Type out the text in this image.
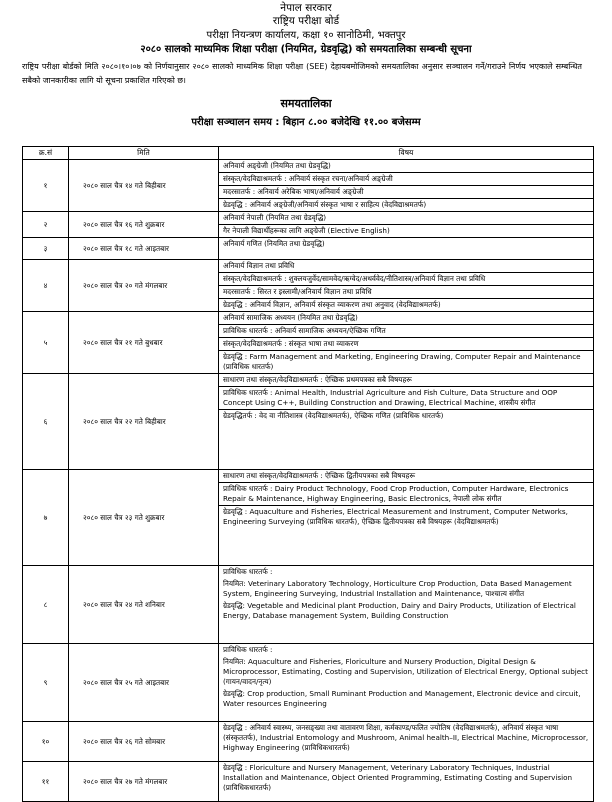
नेपाल सरकार
राष्ट्रिय परीक्षा बोर्ड
परीक्षा नियन्त्रण कार्यालय, कक्षा १० सानोठिमी, भक्तपुर
२०८० सालको माध्यमिक शिक्षा परीक्षा (नियमित, ग्रेडवृद्धि) को समयतालिका सम्बन्धी सूचना
राष्ट्रिय परीक्षा बोर्डको मिति २०८०।१०।०७ को निर्णयानुसार २०८० सालको माध्यमिक शिक्षा परीक्षा (SEE) देहायबमोजिमको समयतालिका अनुसार सञ्चालन गर्ने/गराउने निर्णय भएकाले सम्बन्धित सबैको जानकारीका लागि यो सूचना प्रकाशित गरिएको छ।
समयतालिका
परीक्षा सञ्चालन समय : बिहान ८.०० बजेदेखि ११.०० बजेसम्म
क्र.सं	मिति	विषय
१	२०८० साल चैत्र १४ गते बिहीबार	अनिवार्य अङ्ग्रेजी (नियमित तथा ग्रेडवृद्धि)
संस्कृत/वेदविद्याश्रमतर्फ : अनिवार्य संस्कृत रचना/अनिवार्य अङ्ग्रेजी
मदरसातर्फ : अनिवार्य अरेबिक भाषा/अनिवार्य अङ्ग्रेजी
ग्रेडवृद्धि : अनिवार्य अङ्ग्रेजी/अनिवार्य संस्कृत भाषा र साहित्य (वेदविद्याश्रमतर्फ)

२	२०८० साल चैत्र १६ गते शुक्रबार	अनिवार्य नेपाली (नियमित तथा ग्रेडवृद्धि)
गैर नेपाली विद्यार्थीहरूका लागि अङ्ग्रेजी (Elective English)

३	२०८० साल चैत्र १८ गते आइतबार	अनिवार्य गणित (नियमित तथा ग्रेडवृद्धि)

४	२०८० साल चैत्र २० गते मंगलबार	अनिवार्य विज्ञान तथा प्रविधि
संस्कृत/वेदविद्याश्रमतर्फ : शुक्लयजुर्वेद/सामवेद/ऋग्वेद/अथर्ववेद/नीतिशास्त्र/अनिवार्य विज्ञान तथा प्रविधि
मदरसातर्फ : सिरत र इस्लामी/अनिवार्य विज्ञान तथा प्रविधि
ग्रेडवृद्धि : अनिवार्य विज्ञान, अनिवार्य संस्कृत व्याकरण तथा अनुवाद (वेदविद्याश्रमतर्फ)

५	२०८० साल चैत्र २१ गते बुधबार	अनिवार्य सामाजिक अध्ययन (नियमित तथा ग्रेडवृद्धि)
प्राविधिक धारतर्फ : अनिवार्य सामाजिक अध्ययन/ऐच्छिक गणित
संस्कृत/वेदविद्याश्रमतर्फ : संस्कृत भाषा तथा व्याकरण
ग्रेडवृद्धि : Farm Management and Marketing, Engineering Drawing, Computer Repair and Maintenance (प्राविधिक धारतर्फ)

६	२०८० साल चैत्र २२ गते बिहीबार	साधारण तथा संस्कृत/वेदविद्याश्रमतर्फ : ऐच्छिक प्रथमपत्रका सबै विषयहरू
प्राविधिक धारतर्फ : Animal Health, Industrial Agriculture and Fish Culture, Data Structure and OOP Concept Using C++, Building Construction and Drawing, Electrical Machine, शास्त्रीय संगीत
ग्रेडवृद्धितर्फ : वेद वा नीतिशास्त्र (वेदविद्याश्रमतर्फ), ऐच्छिक गणित (प्राविधिक धारतर्फ)

७	२०८० साल चैत्र २३ गते शुक्रबार	साधारण तथा संस्कृत/वेदविद्याश्रमतर्फ : ऐच्छिक द्वितीयपत्रका सबै विषयहरू
प्राविधिक धारतर्फ : Dairy Product Technology, Food Crop Production, Computer Hardware, Electronics Repair & Maintenance, Highway Engineering, Basic Electronics, नेपाली लोक संगीत
ग्रेडवृद्धि : Aquaculture and Fisheries, Electrical Measurement and Instrument, Computer Networks, Engineering Surveying (प्राविधिक धारतर्फ), ऐच्छिक द्वितीयपत्रका सबै विषयहरू (वेदविद्याश्रमतर्फ)

८	२०८० साल चैत्र २४ गते शनिबार	प्राविधिक धारतर्फ :
नियमित: Veterinary Laboratory Technology, Horticulture Crop Production, Data Based Management System, Engineering Surveying, Industrial Installation and Maintenance, पाश्चात्य संगीत
ग्रेडवृद्धि: Vegetable and Medicinal plant Production, Dairy and Dairy Products, Utilization of Electrical Energy, Database management System, Building Construction

९	२०८० साल चैत्र २५ गते आइतबार	प्राविधिक धारतर्फ :
नियमित: Aquaculture and Fisheries, Floriculture and Nursery Production, Digital Design & Microprocessor, Estimating, Costing and Supervision, Utilization of Electrical Energy, Optional subject (गायन/वादन/नृत्य)
ग्रेडवृद्धि: Crop production, Small Ruminant Production and Management, Electronic device and circuit, Water resources Engineering

१०	२०८० साल चैत्र २६ गते सोमबार	ग्रेडवृद्धि : अनिवार्य स्वास्थ्य, जनसङ्ख्या तथा वातावरण शिक्षा, कर्मकाण्ड/फलित ज्योतिष (वेदविद्याश्रमतर्फ), अनिवार्य संस्कृत भाषा (संस्कृततर्फ), Industrial Entomology and Mushroom, Animal health–II, Electrical Machine, Microprocessor, Highway Engineering (प्राविधिकधारतर्फ)

११	२०८० साल चैत्र २७ गते मंगलबार	ग्रेडवृद्धि : Floriculture and Nursery Management, Veterinary Laboratory Techniques, Industrial Installation and Maintenance, Object Oriented Programming, Estimating Costing and Supervision (प्राविधिकधारतर्फ)
